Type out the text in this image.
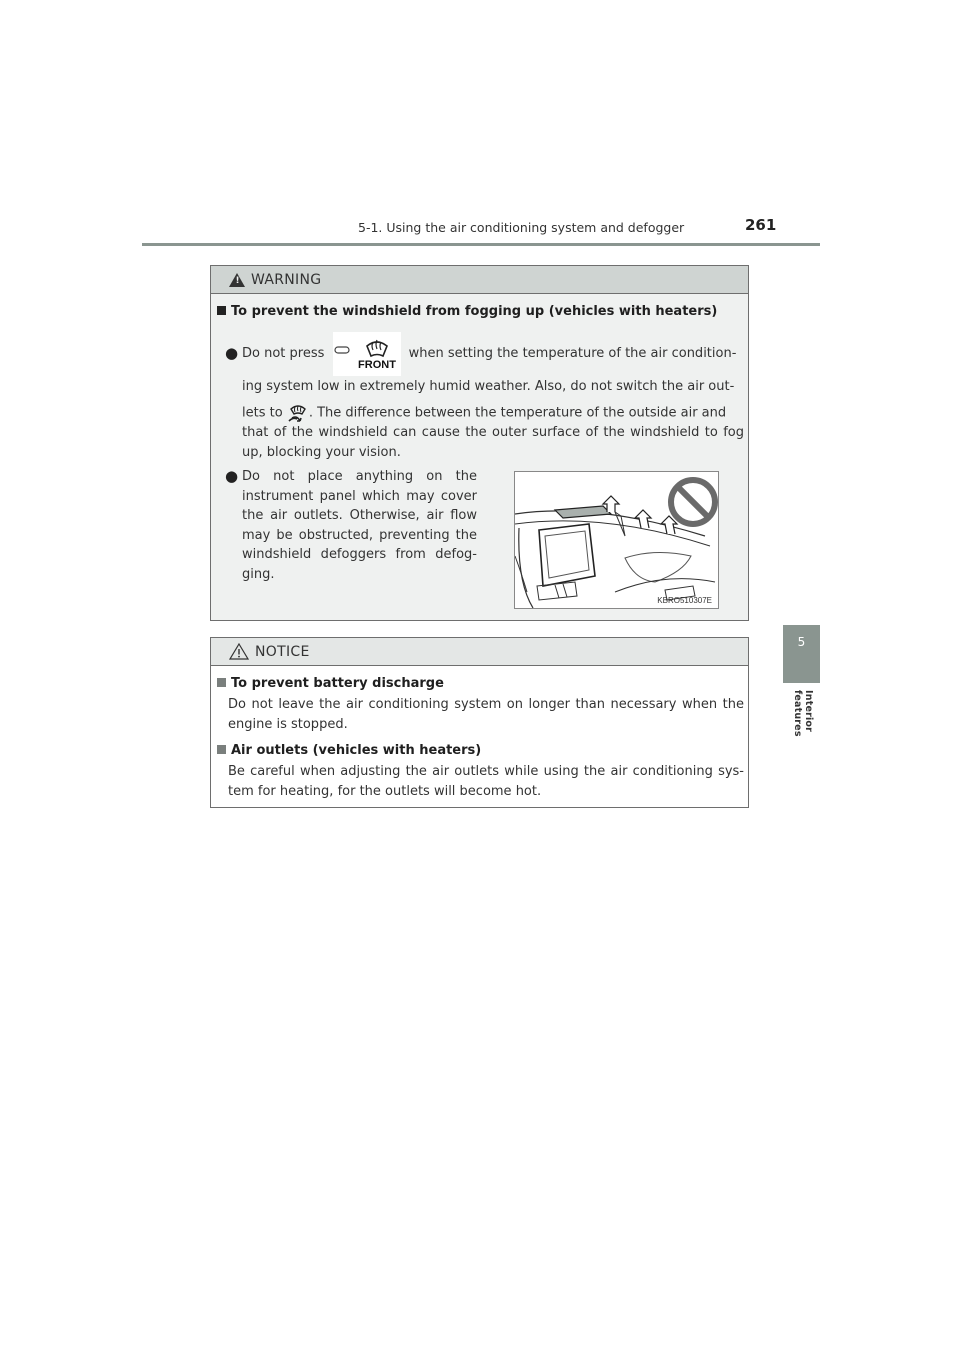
5-1. Using the air conditioning system and defogger	261
5
Interior features
! WARNING
To prevent the windshield from fogging up (vehicles with heaters)
● Do not press
FRONT
when setting the temperature of the air condition-
ing system low in extremely humid weather. Also, do not switch the air out-
lets to . The difference between the temperature of the outside air and
that of the windshield can cause the outer surface of the windshield to fog up, blocking your vision.
● Do not place anything on the instrument panel which may cover the air outlets. Otherwise, air flow may be obstructed, preventing the windshield defoggers from defog-ging.
KBRO510307E
NOTICE
To prevent battery discharge
Do not leave the air conditioning system on longer than necessary when the engine is stopped.
Air outlets (vehicles with heaters)
Be careful when adjusting the air outlets while using the air conditioning sys-tem for heating, for the outlets will become hot.
